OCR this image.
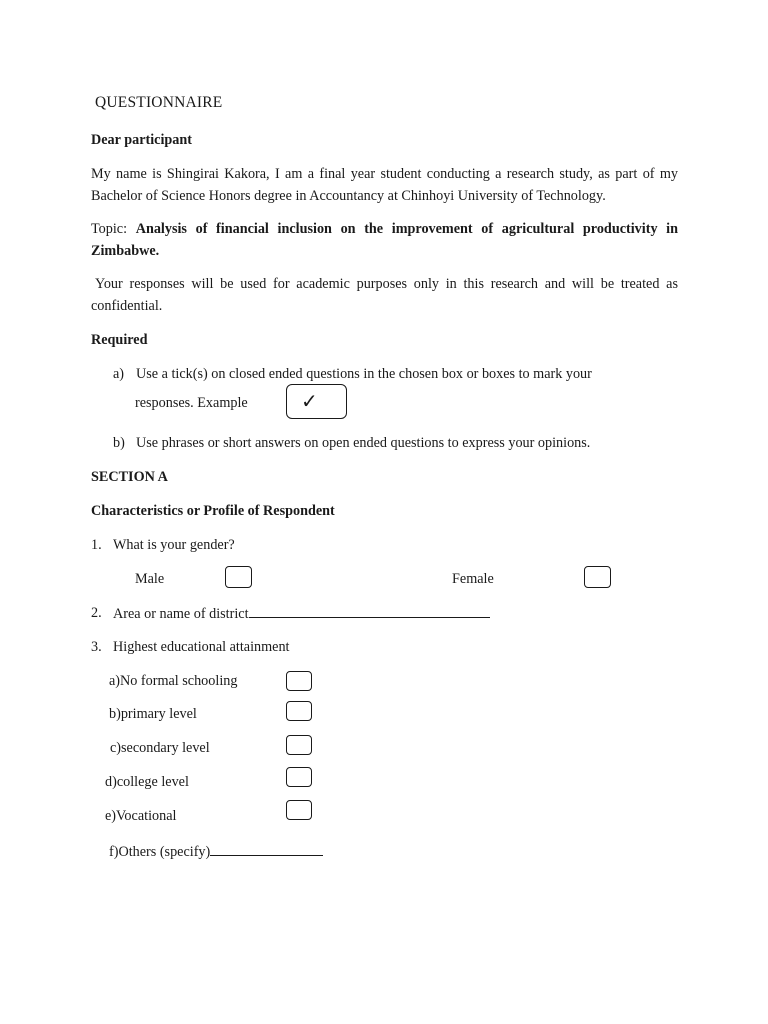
QUESTIONNAIRE
Dear participant
My name is Shingirai Kakora, I am a final year student conducting a research study, as part of my Bachelor of Science Honors degree in Accountancy at Chinhoyi University of Technology.
Topic: Analysis of financial inclusion on the improvement of agricultural productivity in Zimbabwe.
Your responses will be used for academic purposes only in this research and will be treated as confidential.
Required
a) Use a tick(s) on closed ended questions in the chosen box or boxes to mark your
responses. Example	✓
b) Use phrases or short answers on open ended questions to express your opinions.
SECTION A
Characteristics or Profile of Respondent
1. What is your gender?
Male	Female
2. Area or name of district
3. Highest educational attainment
a)No formal schooling
b)primary level
c)secondary level
d)college level
e)Vocational
f)Others (specify)
